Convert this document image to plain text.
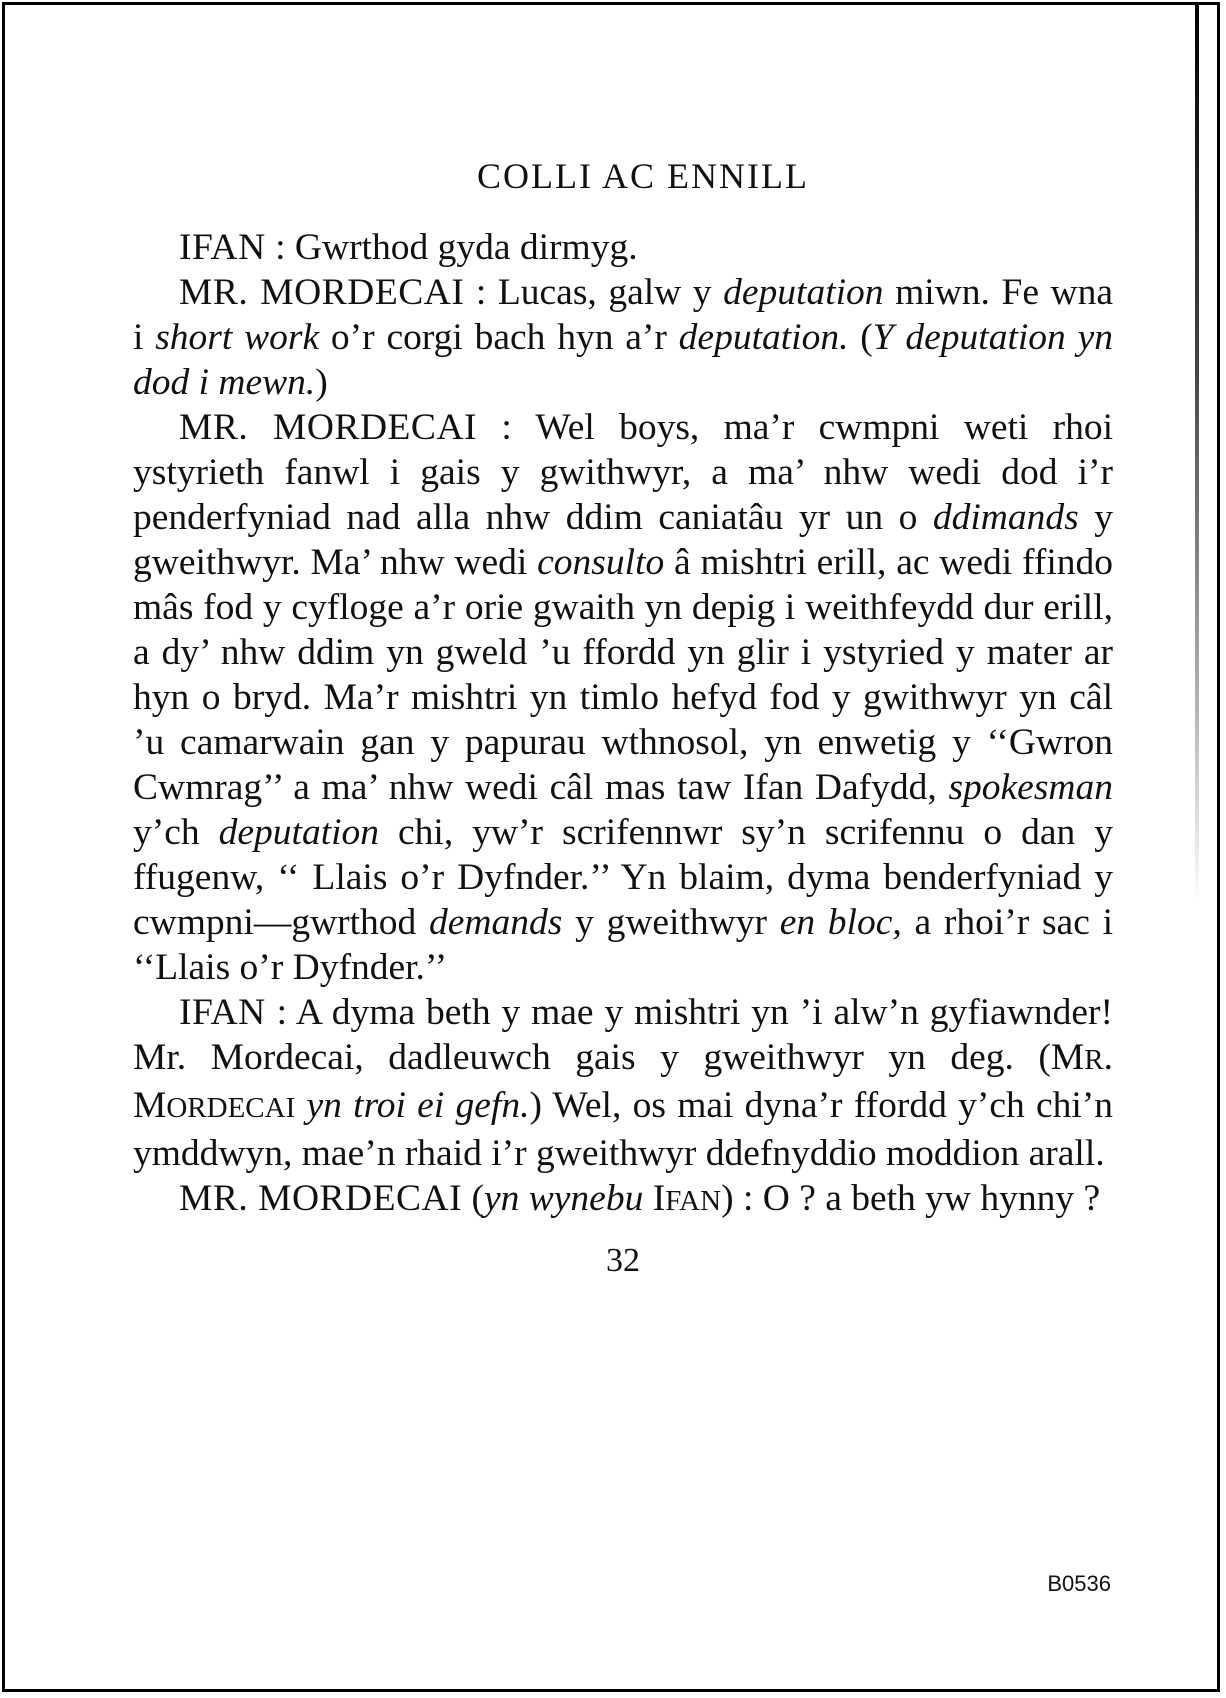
COLLI AC ENNILL

IFAN : Gwrthod gyda dirmyg.

MR. MORDECAI : Lucas, galw y deputation miwn. Fe wna i short work o’r corgi bach hyn a’r deputation. (Y deputation yn dod i mewn.)

MR. MORDECAI : Wel boys, ma’r cwmpni weti rhoi ystyrieth fanwl i gais y gwithwyr, a ma’ nhw wedi dod i’r penderfyniad nad alla nhw ddim caniatâu yr un o ddimands y gweithwyr. Ma’ nhw wedi consulto â mishtri erill, ac wedi ffindo mâs fod y cyfloge a’r orie gwaith yn depig i weithfeydd dur erill, a dy’ nhw ddim yn gweld ’u ffordd yn glir i ystyried y mater ar hyn o bryd. Ma’r mishtri yn timlo hefyd fod y gwithwyr yn câl ’u camarwain gan y papurau wthnosol, yn enwetig y ‘‘Gwron Cwmrag’’ a ma’ nhw wedi câl mas taw Ifan Dafydd, spokesman y’ch deputation chi, yw’r scrifennwr sy’n scrifennu o dan y ffugenw, ‘‘ Llais o’r Dyfnder.’’ Yn blaim, dyma benderfyniad y cwmpni—gwrthod demands y gweithwyr en bloc, a rhoi’r sac i ‘‘Llais o’r Dyfnder.’’

IFAN : A dyma beth y mae y mishtri yn ’i alw’n gyfiawnder! Mr. Mordecai, dadleuwch gais y gweithwyr yn deg. (MR. MORDECAI yn troi ei gefn.) Wel, os mai dyna’r ffordd y’ch chi’n ymddwyn, mae’n rhaid i’r gweithwyr ddefnyddio moddion arall.

MR. MORDECAI (yn wynebu IFAN) : O ? a beth yw hynny ?

32
B0536
